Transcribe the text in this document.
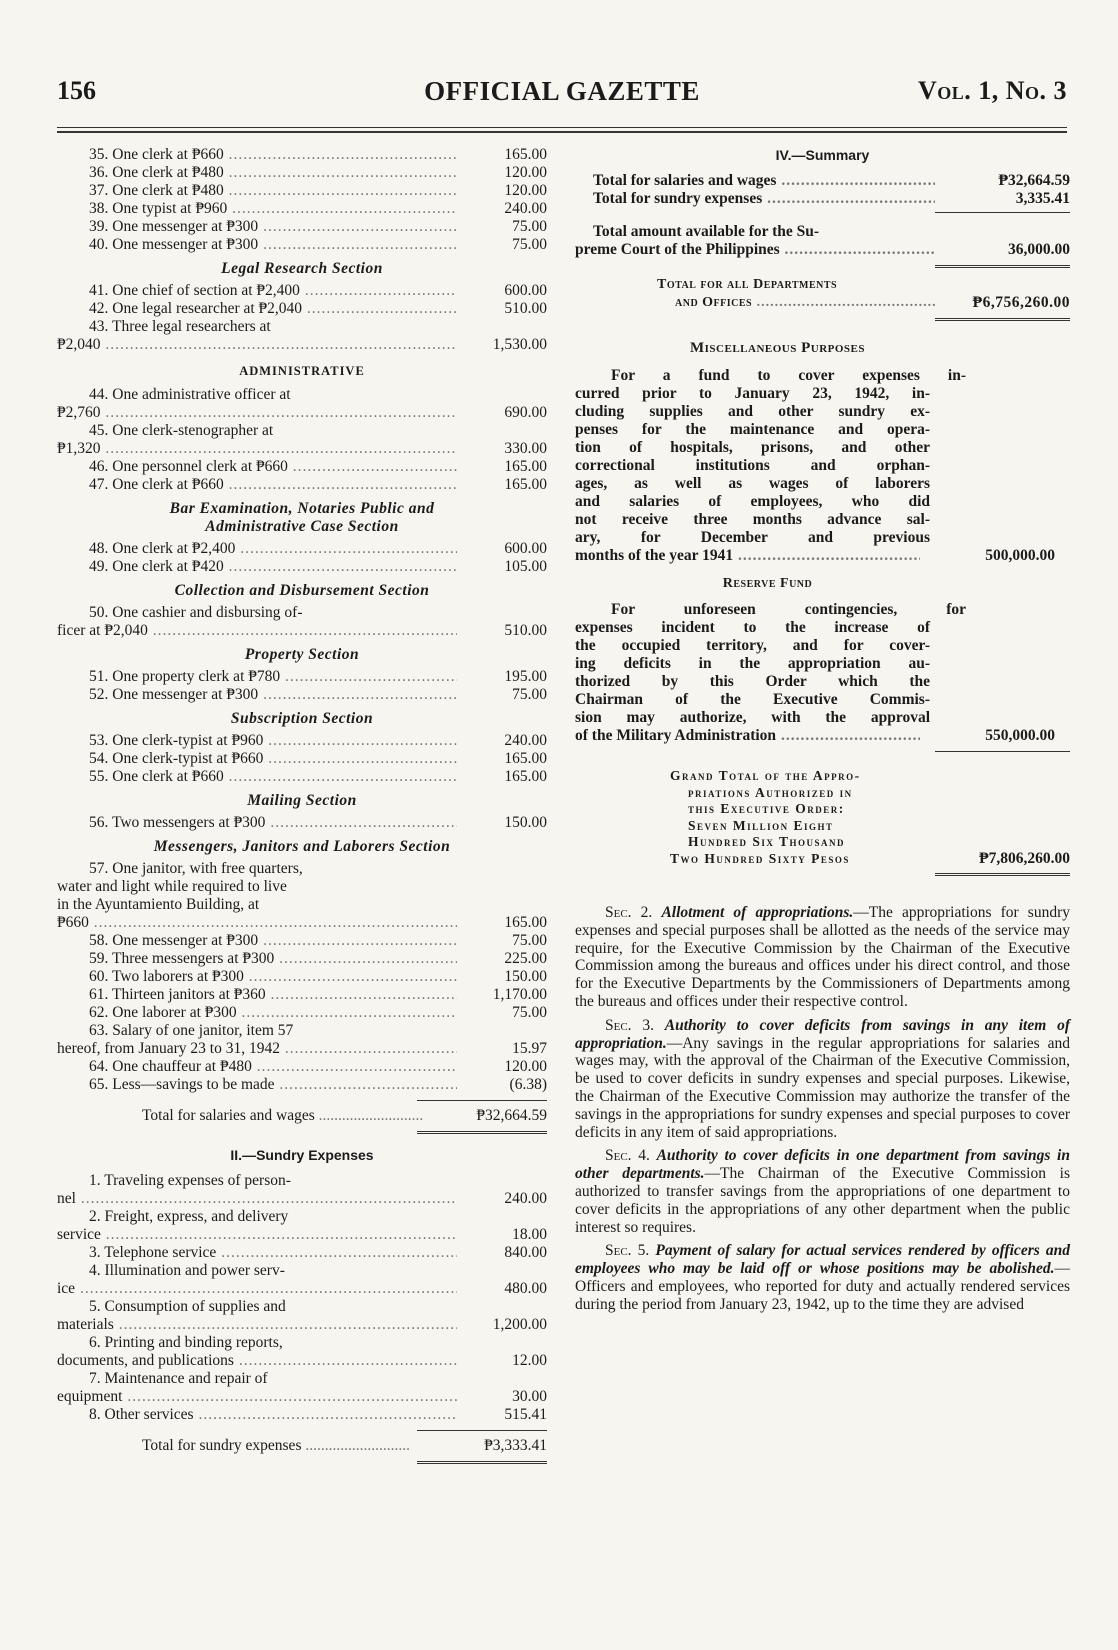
156	OFFICIAL GAZETTE	Vol. 1, No. 3
35. One clerk at ₱660 .....	165.00
36. One clerk at ₱480 .....	120.00
37. One clerk at ₱480 .....	120.00
38. One typist at ₱960 .....	240.00
39. One messenger at ₱300 .....	75.00
40. One messenger at ₱300 .....	75.00
Legal Research Section
41. One chief of section at ₱2,400 .....	600.00
42. One legal researcher at ₱2,040 .....	510.00
43. Three legal researchers at
₱2,040 .....	1,530.00
ADMINISTRATIVE
44. One administrative officer at
₱2,760 .....	690.00
45. One clerk-stenographer at
₱1,320 .....	330.00
46. One personnel clerk at ₱660 .....	165.00
47. One clerk at ₱660 .....	165.00
Bar Examination, Notaries Public and
Administrative Case Section
48. One clerk at ₱2,400 .....	600.00
49. One clerk at ₱420 .....	105.00
Collection and Disbursement Section
50. One cashier and disbursing of-
ficer at ₱2,040 .....	510.00
Property Section
51. One property clerk at ₱780 .....	195.00
52. One messenger at ₱300 .....	75.00
Subscription Section
53. One clerk-typist at ₱960 .....	240.00
54. One clerk-typist at ₱660 .....	165.00
55. One clerk at ₱660 .....	165.00
Mailing Section
56. Two messengers at ₱300 .....	150.00
Messengers, Janitors and Laborers Section
57. One janitor, with free quarters,
water and light while required to live
in the Ayuntamiento Building, at
₱660 .....	165.00
58. One messenger at ₱300 .....	75.00
59. Three messengers at ₱300 .....	225.00
60. Two laborers at ₱300 .....	150.00
61. Thirteen janitors at ₱360 .....	1,170.00
62. One laborer at ₱300 .....	75.00
63. Salary of one janitor, item 57
hereof, from January 23 to 31, 1942 .....	15.97
64. One chauffeur at ₱480 .....	120.00
65. Less—savings to be made .....	(6.38)
Total for salaries and wages .....	₱32,664.59
II.—Sundry Expenses
1. Traveling expenses of person-
nel .....	240.00
2. Freight, express, and delivery
service .....	18.00
3. Telephone service .....	840.00
4. Illumination and power serv-
ice .....	480.00
5. Consumption of supplies and
materials .....	1,200.00
6. Printing and binding reports,
documents, and publications .....	12.00
7. Maintenance and repair of
equipment .....	30.00
8. Other services .....	515.41
Total for sundry expenses .....	₱3,333.41
IV.—Summary
Total for salaries and wages .....	₱32,664.59
Total for sundry expenses .....	3,335.41
Total amount available for the Su-
preme Court of the Philippines .....	36,000.00
Total for all Departments
and Offices .....	₱6,756,260.00
Miscellaneous Purposes
For a fund to cover expenses in-
curred prior to January 23, 1942, in-
cluding supplies and other sundry ex-
penses for the maintenance and opera-
tion of hospitals, prisons, and other
correctional institutions and orphan-
ages, as well as wages of laborers
and salaries of employees, who did
not receive three months advance sal-
ary, for December and previous
months of the year 1941 .....	500,000.00
Reserve Fund
For unforeseen contingencies, for
expenses incident to the increase of
the occupied territory, and for cover-
ing deficits in the appropriation au-
thorized by this Order which the
Chairman of the Executive Commis-
sion may authorize, with the approval
of the Military Administration .....	550,000.00
Grand Total of the Appro-
priations Authorized in
this Executive Order:
Seven Million Eight
Hundred Six Thousand
Two Hundred Sixty Pesos	₱7,806,260.00

Sec. 2. Allotment of appropriations.—The appropriations for sundry expenses and special purposes shall be allotted as the needs of the service may require, for the Executive Commission by the Chairman of the Executive Commission among the bureaus and offices under his direct control, and those for the Executive Departments by the Commissioners of Departments among the bureaus and offices under their respective control.

Sec. 3. Authority to cover deficits from savings in any item of appropriation.—Any savings in the regular appropriations for salaries and wages may, with the approval of the Chairman of the Executive Commission, be used to cover deficits in sundry expenses and special purposes. Likewise, the Chairman of the Executive Commission may authorize the transfer of the savings in the appropriations for sundry expenses and special purposes to cover deficits in any item of said appropriations.

Sec. 4. Authority to cover deficits in one department from savings in other departments.—The Chairman of the Executive Commission is authorized to transfer savings from the appropriations of one department to cover deficits in the appropriations of any other department when the public interest so requires.

Sec. 5. Payment of salary for actual services rendered by officers and employees who may be laid off or whose positions may be abolished.—Officers and employees, who reported for duty and actually rendered services during the period from January 23, 1942, up to the time they are advised
